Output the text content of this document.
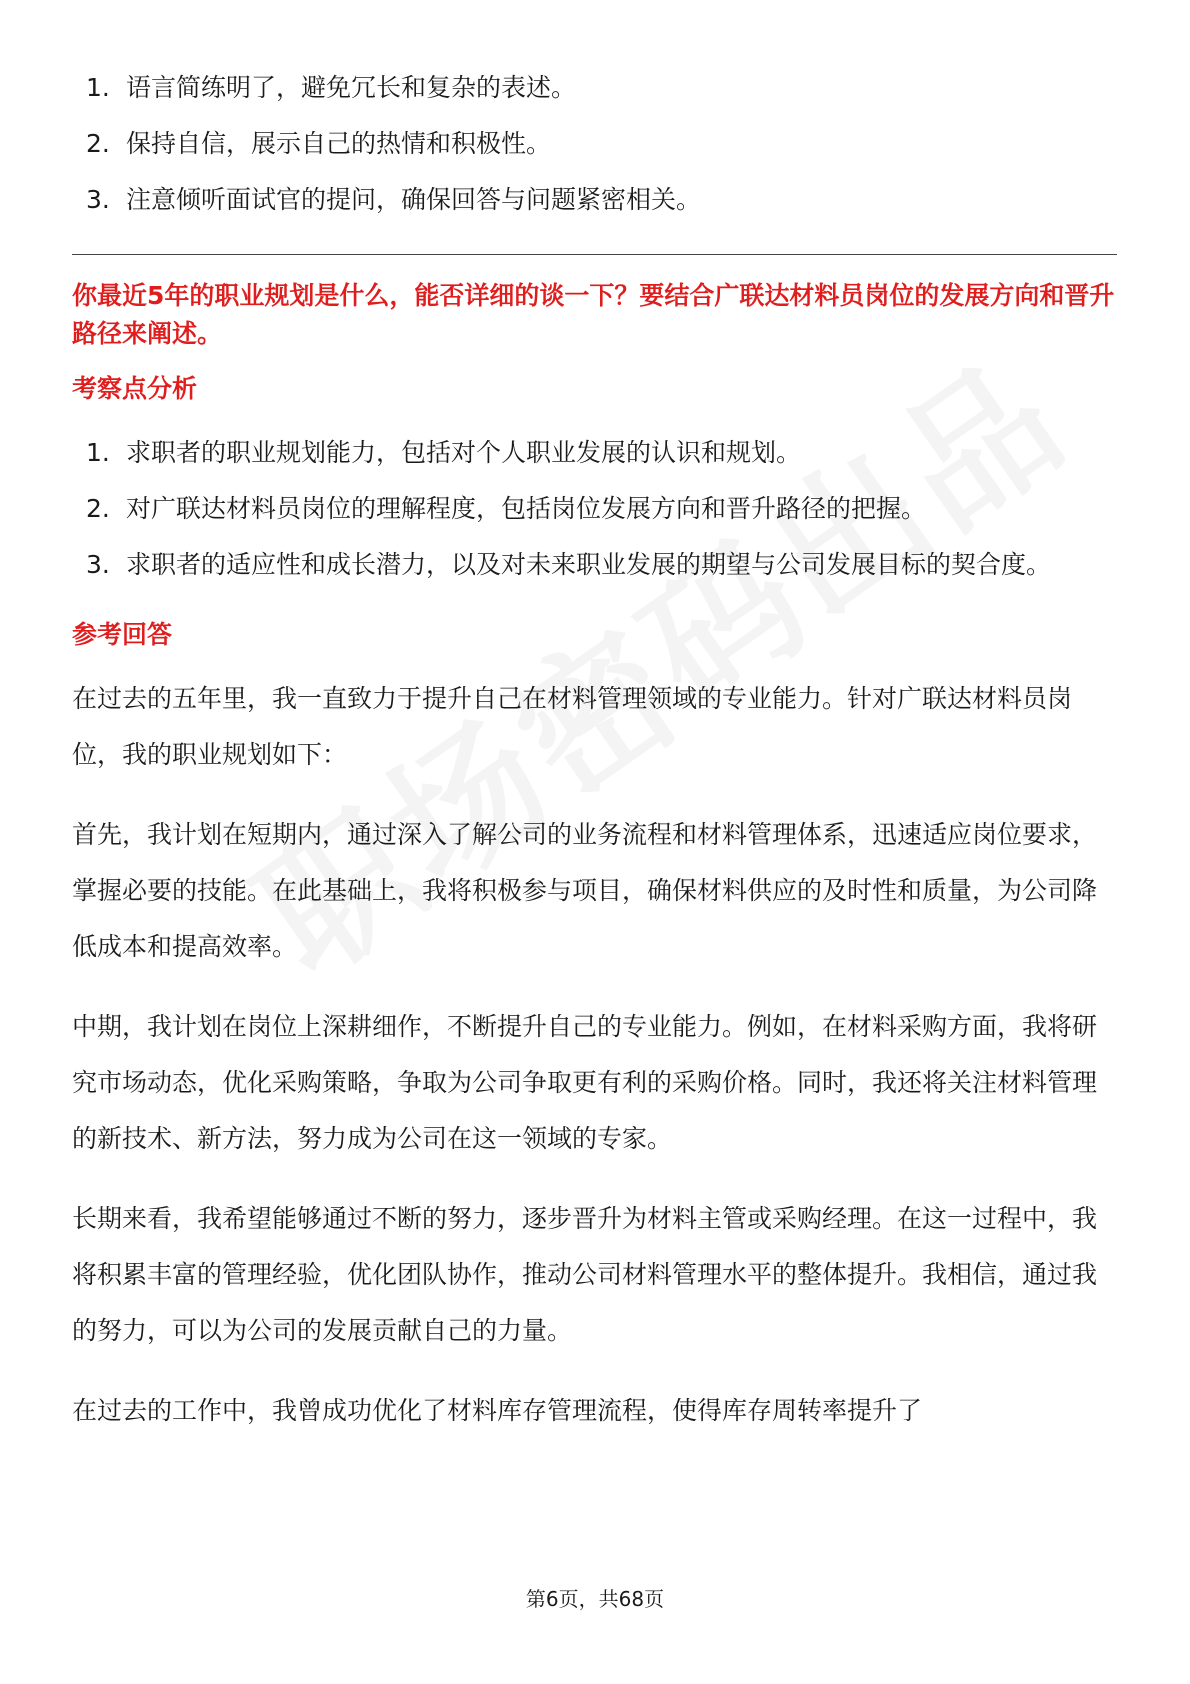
1. 语言简练明了，避免冗长和复杂的表述。
2. 保持自信，展示自己的热情和积极性。
3. 注意倾听面试官的提问，确保回答与问题紧密相关。
你最近5年的职业规划是什么，能否详细的谈一下？要结合广联达材料员岗位的发展方向和晋升路径来阐述。
考察点分析
1. 求职者的职业规划能力，包括对个人职业发展的认识和规划。
2. 对广联达材料员岗位的理解程度，包括岗位发展方向和晋升路径的把握。
3. 求职者的适应性和成长潜力，以及对未来职业发展的期望与公司发展目标的契合度。
参考回答

在过去的五年里，我一直致力于提升自己在材料管理领域的专业能力。针对广联达材料员岗位，我的职业规划如下：

首先，我计划在短期内，通过深入了解公司的业务流程和材料管理体系，迅速适应岗位要求，掌握必要的技能。在此基础上，我将积极参与项目，确保材料供应的及时性和质量，为公司降低成本和提高效率。

中期，我计划在岗位上深耕细作，不断提升自己的专业能力。例如，在材料采购方面，我将研究市场动态，优化采购策略，争取为公司争取更有利的采购价格。同时，我还将关注材料管理的新技术、新方法，努力成为公司在这一领域的专家。

长期来看，我希望能够通过不断的努力，逐步晋升为材料主管或采购经理。在这一过程中，我将积累丰富的管理经验，优化团队协作，推动公司材料管理水平的整体提升。我相信，通过我的努力，可以为公司的发展贡献自己的力量。

在过去的工作中，我曾成功优化了材料库存管理流程，使得库存周转率提升了

第6页，共68页
